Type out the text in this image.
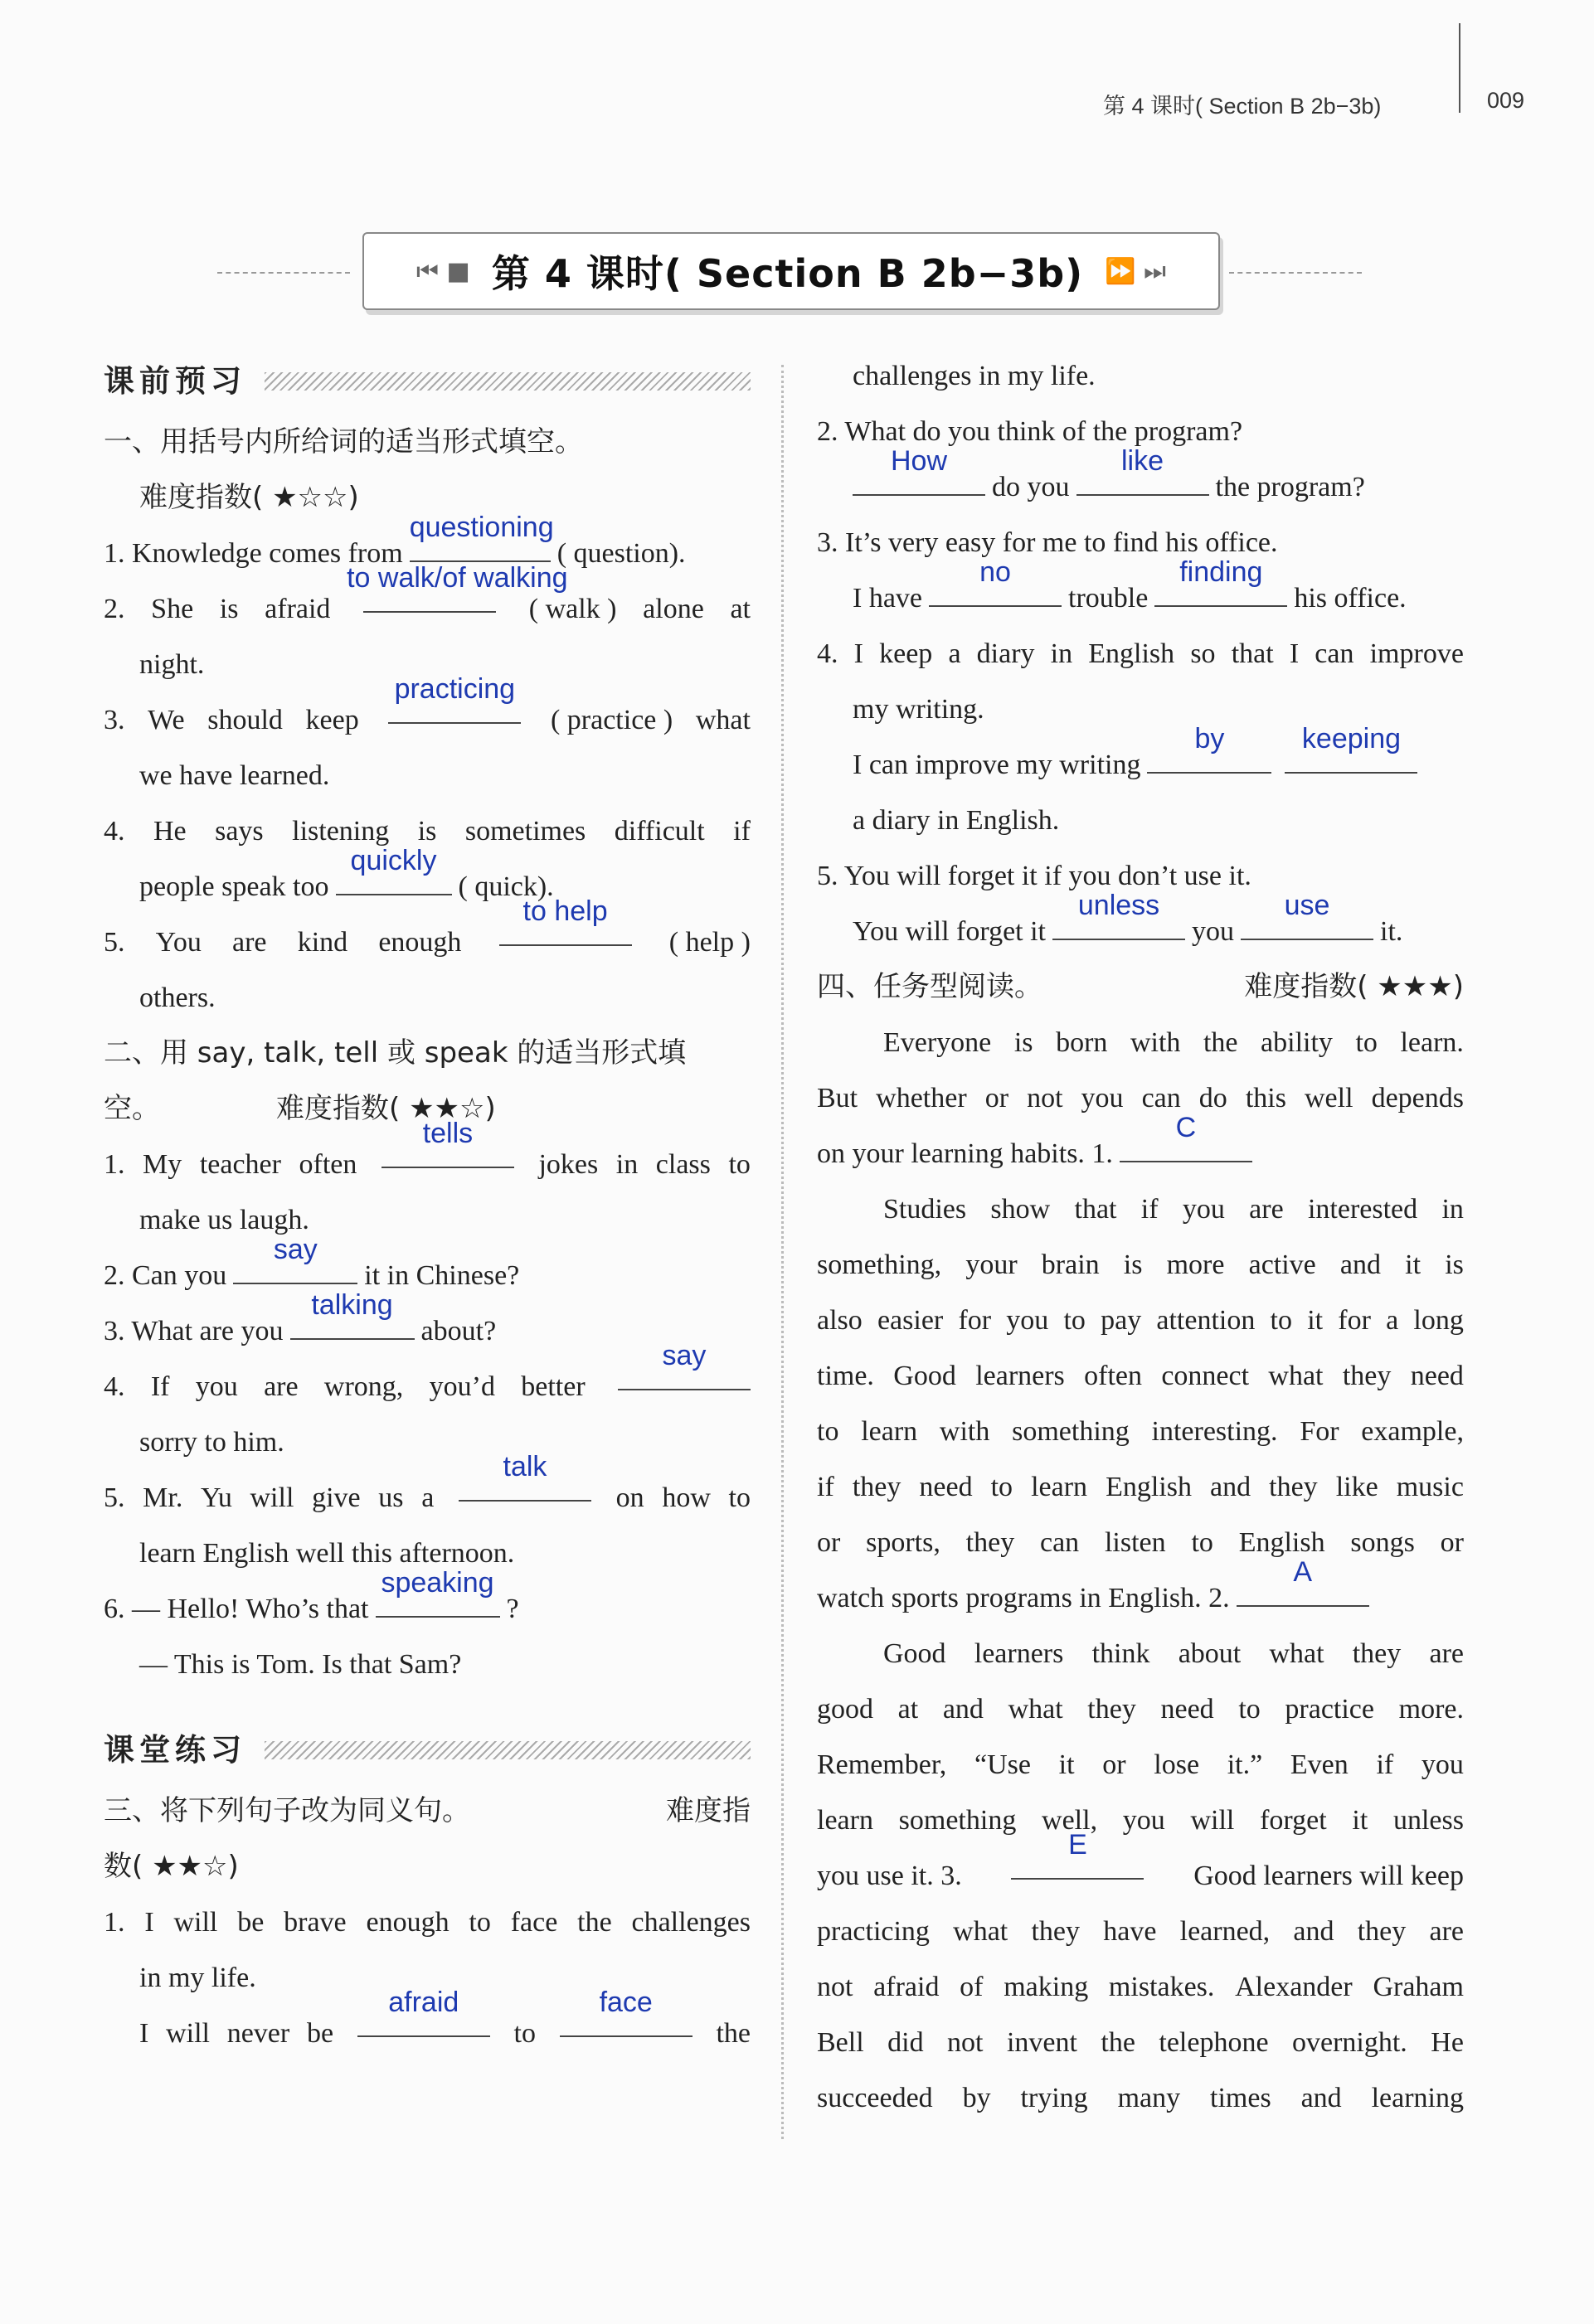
第 4 课时( Section B 2b−3b)	009
⏮ ■ 第 4 课时( Section B 2b−3b) ⏩ ⏭
课前预习
一、用括号内所给词的适当形式填空。
难度指数( ★☆☆)
1. Knowledge comes from
questioning
( question).
2. She is afraid
to walk/of walking
( walk ) alone at
night.
3. We should keep
practicing
( practice ) what
we have learned.
4. He says listening is sometimes difficult if
people speak too
quickly
( quick).
5. You are kind enough
to help
( help )
others.
二、用 say, talk, tell 或 speak 的适当形式填
空。	难度指数( ★★☆)
1. My teacher often
tells
jokes in class to
make us laugh.
2. Can you
say
it in Chinese?
3. What are you
talking
about?
4. If you are wrong, you’d better
say
sorry to him.
5. Mr. Yu will give us a
talk
on how to
learn English well this afternoon.
6. — Hello! Who’s that
speaking
?
— This is Tom. Is that Sam?
课堂练习
三、将下列句子改为同义句。	难度指
数( ★★☆)
1. I will be brave enough to face the challenges
in my life.
I will never be
afraid
to
face
the
challenges in my life.
2. What do you think of the program?
How
do you
like
the program?
3. It’s very easy for me to find his office.
I have
no
trouble
finding
his office.
4. I keep a diary in English so that I can improve
my writing.
I can improve my writing
by	keeping
a diary in English.
5. You will forget it if you don’t use it.
You will forget it
unless
you
use
it.
四、任务型阅读。	难度指数( ★★★)
Everyone is born with the ability to learn.
But whether or not you can do this well depends
on your learning habits. 1.
C
Studies show that if you are interested in
something, your brain is more active and it is
also easier for you to pay attention to it for a long
time. Good learners often connect what they need
to learn with something interesting. For example,
if they need to learn English and they like music
or sports, they can listen to English songs or
watch sports programs in English. 2.
A
Good learners think about what they are
good at and what they need to practice more.
Remember, “Use it or lose it.” Even if you
learn something well, you will forget it unless
you use it. 3.
E
Good learners will keep
practicing what they have learned, and they are
not afraid of making mistakes. Alexander Graham
Bell did not invent the telephone overnight. He
succeeded by trying many times and learning
